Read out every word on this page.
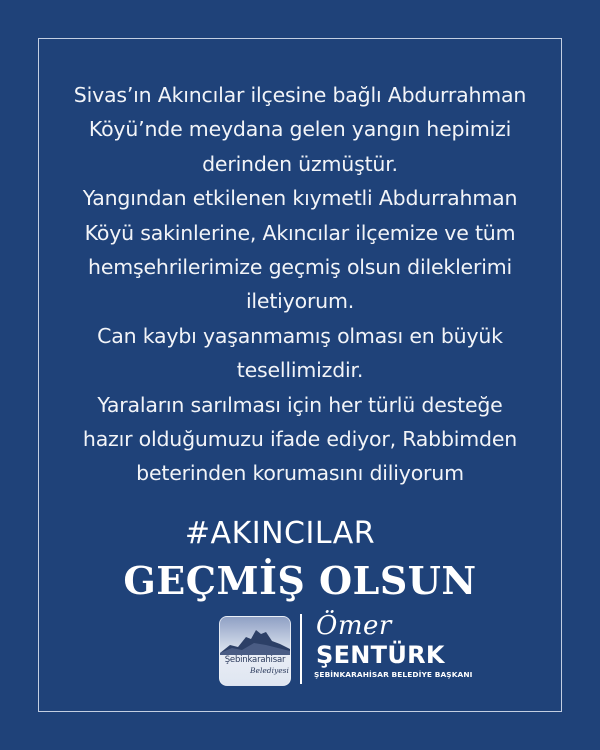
Sivas’ın Akıncılar ilçesine bağlı Abdurrahman
Köyü’nde meydana gelen yangın hepimizi
derinden üzmüştür.

Yangından etkilenen kıymetli Abdurrahman
Köyü sakinlerine, Akıncılar ilçemize ve tüm
hemşehrilerimize geçmiş olsun dileklerimi
iletiyorum.

Can kaybı yaşanmamış olması en büyük
tesellimizdir.

Yaraların sarılması için her türlü desteğe
hazır olduğumuzu ifade ediyor, Rabbimden
beterinden korumasını diliyorum

#AKINCILAR
GEÇMİŞ OLSUN
Şebinkarahisar
Belediyesi
Ömer
ŞENTÜRK
ŞEBİNKARAHİSAR BELEDİYE BAŞKANI
